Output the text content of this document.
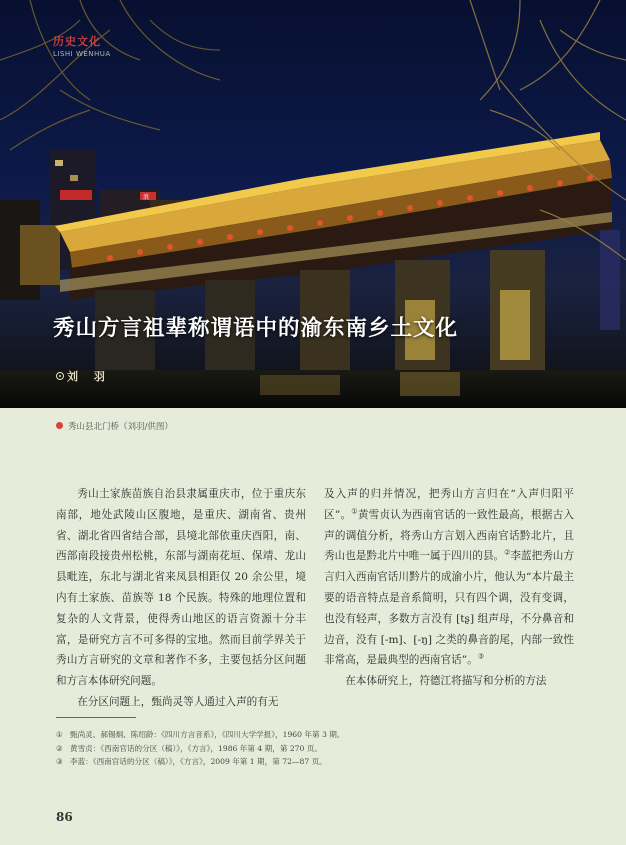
浪
历史文化
LISHI WENHUA
秀山方言祖辈称谓语中的渝东南乡土文化
刘 羽
秀山县北门桥（刘羽/供图）

秀山土家族苗族自治县隶属重庆市，位于重庆东南部，地处武陵山区腹地，是重庆、湖南省、贵州省、湖北省四省结合部，县境北部依重庆酉阳，南、西部南段接贵州松桃，东部与湖南花垣、保靖、龙山县毗连，东北与湖北省来凤县相距仅 20 余公里，境内有土家族、苗族等 18 个民族。特殊的地理位置和复杂的人文背景，使得秀山地区的语言资源十分丰富，是研究方言不可多得的宝地。然而目前学界关于秀山方言研究的文章和著作不多，主要包括分区问题和方言本体研究问题。

在分区问题上，甄尚灵等人通过入声的有无

及入声的归并情况，把秀山方言归在“入声归阳平区”。①黄雪贞认为西南官话的一致性最高，根据古入声的调值分析，将秀山方言划入西南官话黔北片，且秀山也是黔北片中唯一属于四川的县。②李蓝把秀山方言归入西南官话川黔片的成渝小片，他认为“本片最主要的语音特点是音系简明，只有四个调，没有变调，也没有轻声，多数方言没有 [tʂ] 组声母，不分鼻音和边音，没有 [-m]、[-ŋ] 之类的鼻音韵尾，内部一致性非常高，是最典型的西南官话”。③

在本体研究上，符德江将描写和分析的方法

① 甄尚灵、郝锡炯、陈绍龄：《四川方言音系》，《四川大学学报》，1960 年第 3 期。
② 黄雪贞：《西南官话的分区（稿）》，《方言》，1986 年第 4 期，第 270 页。
③ 李蓝：《西南官话的分区（稿）》，《方言》，2009 年第 1 期，第 72—87 页。
86
